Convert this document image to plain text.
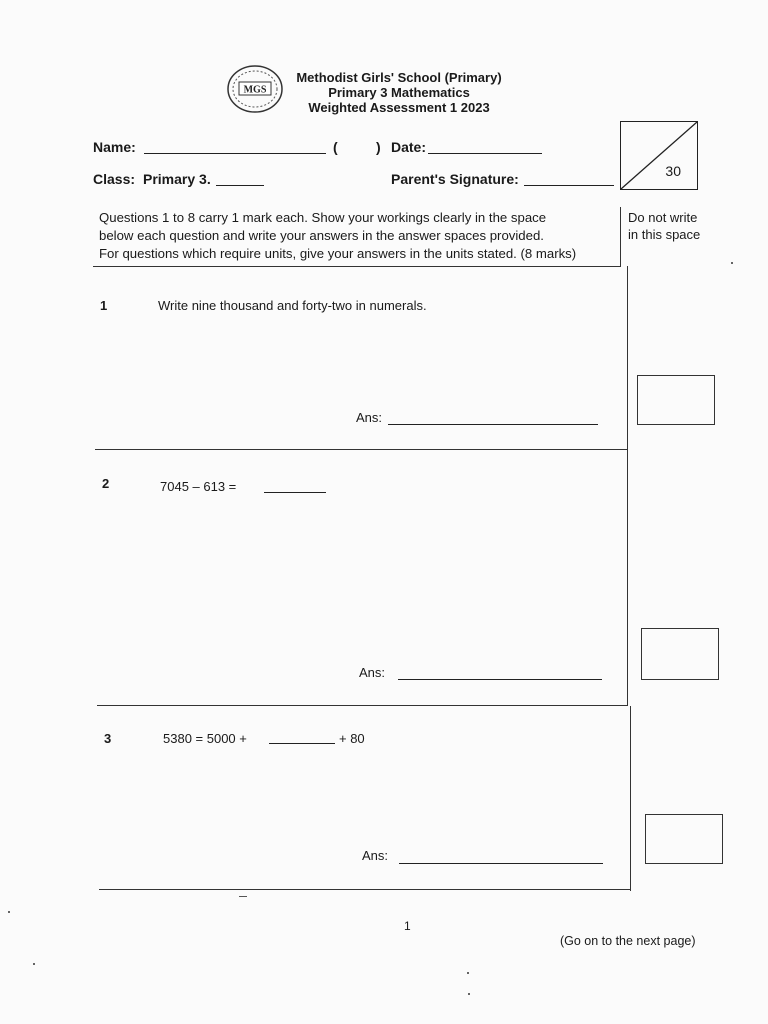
MGS
Methodist Girls' School (Primary)
Primary 3 Mathematics
Weighted Assessment 1 2023
Name:	(	) Date:
Class: Primary 3.	Parent's Signature:	30

Questions 1 to 8 carry 1 mark each. Show your workings clearly in the space

below each question and write your answers in the answer spaces provided.

For questions which require units, give your answers in the units stated. (8 marks)

Do not write
in this space
1	Write nine thousand and forty-two in numerals.
Ans:
2	7045 – 613 =
Ans:
3	5380 = 5000 +	+ 80
Ans:
1
(Go on to the next page)
